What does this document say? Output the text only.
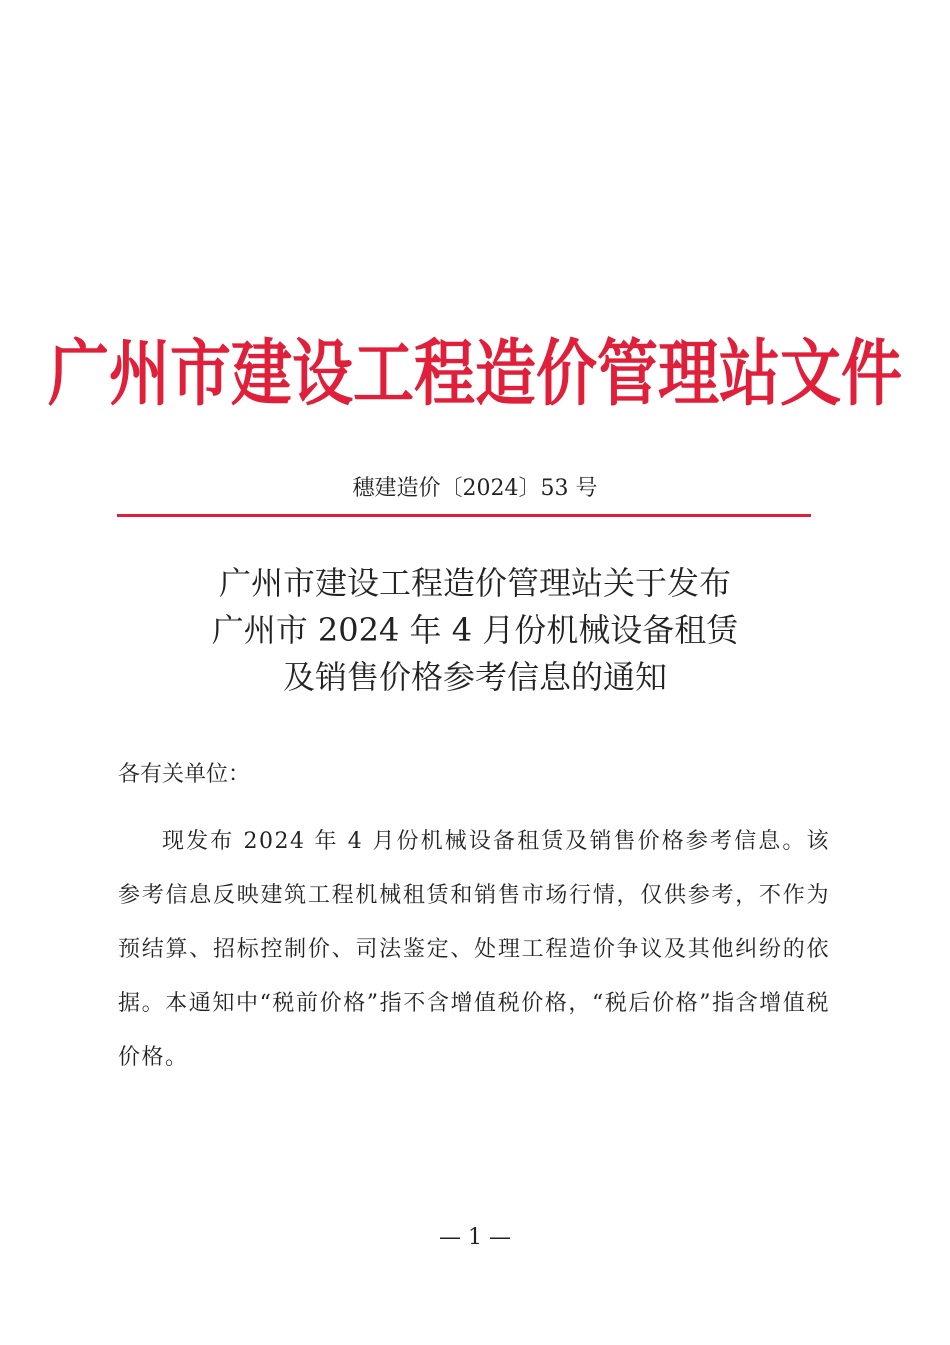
广州市建设工程造价管理站文件
穗建造价〔2024〕53 号
广州市建设工程造价管理站关于发布
广州市 2024 年 4 月份机械设备租赁
及销售价格参考信息的通知
各有关单位：

现发布 2024 年 4 月份机械设备租赁及销售价格参考信息。该参考信息反映建筑工程机械租赁和销售市场行情，仅供参考，不作为预结算、招标控制价、司法鉴定、处理工程造价争议及其他纠纷的依据。本通知中“税前价格”指不含增值税价格，“税后价格”指含增值税价格。

— 1 —
